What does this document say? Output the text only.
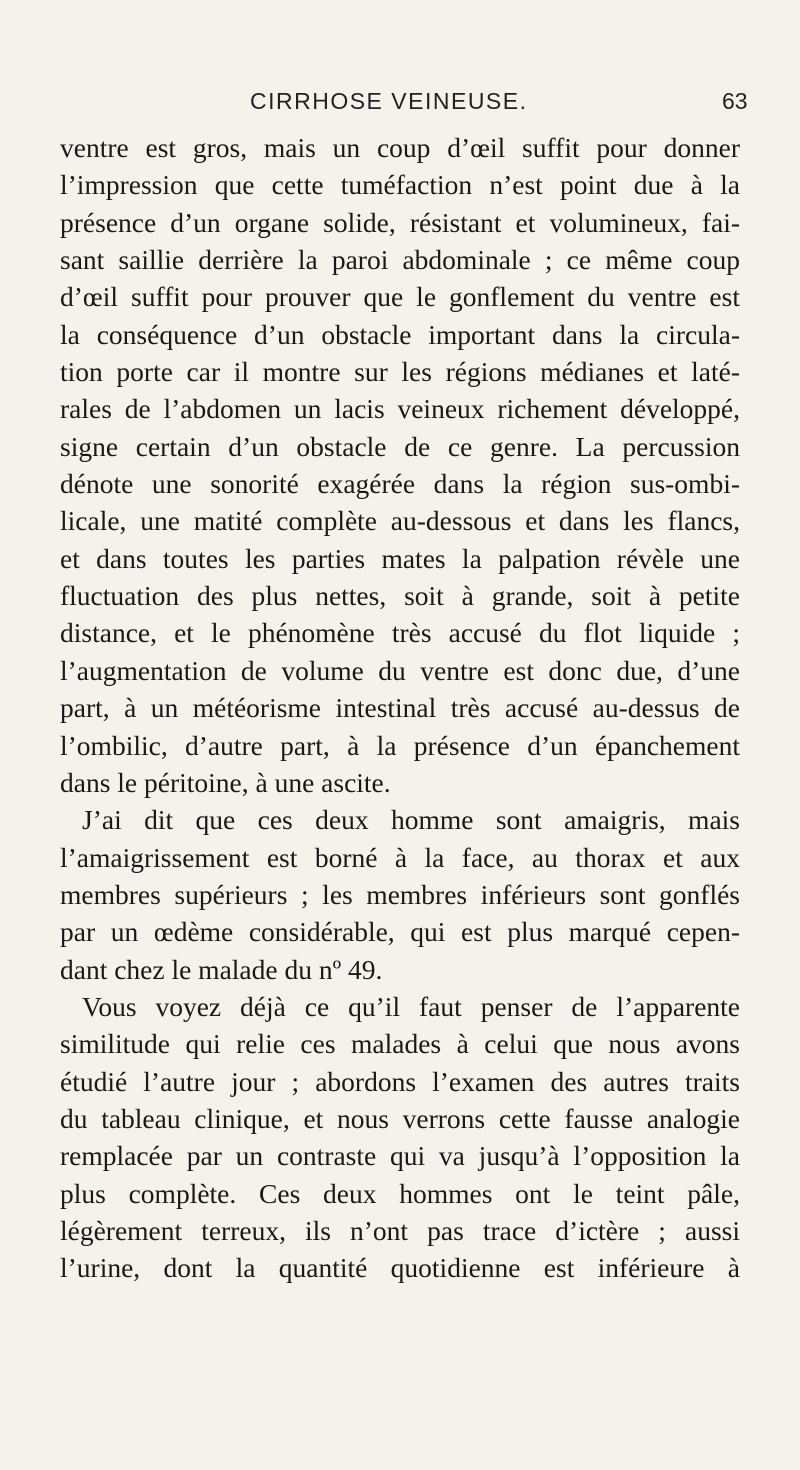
CIRRHOSE VEINEUSE.	63
ventre est gros, mais un coup d’œil suffit pour donner
l’impression que cette tuméfaction n’est point due à la
présence d’un organe solide, résistant et volumineux, fai-
sant saillie derrière la paroi abdominale ; ce même coup
d’œil suffit pour prouver que le gonflement du ventre est
la conséquence d’un obstacle important dans la circula-
tion porte car il montre sur les régions médianes et laté-
rales de l’abdomen un lacis veineux richement développé,
signe certain d’un obstacle de ce genre. La percussion
dénote une sonorité exagérée dans la région sus-ombi-
licale, une matité complète au-dessous et dans les flancs,
et dans toutes les parties mates la palpation révèle une
fluctuation des plus nettes, soit à grande, soit à petite
distance, et le phénomène très accusé du flot liquide ;
l’augmentation de volume du ventre est donc due, d’une
part, à un météorisme intestinal très accusé au-dessus de
l’ombilic, d’autre part, à la présence d’un épanchement
dans le péritoine, à une ascite.
J’ai dit que ces deux homme sont amaigris, mais
l’amaigrissement est borné à la face, au thorax et aux
membres supérieurs ; les membres inférieurs sont gonflés
par un œdème considérable, qui est plus marqué cepen-
dant chez le malade du nº 49.
Vous voyez déjà ce qu’il faut penser de l’apparente
similitude qui relie ces malades à celui que nous avons
étudié l’autre jour ; abordons l’examen des autres traits
du tableau clinique, et nous verrons cette fausse analogie
remplacée par un contraste qui va jusqu’à l’opposition la
plus complète. Ces deux hommes ont le teint pâle,
légèrement terreux, ils n’ont pas trace d’ictère ; aussi
l’urine, dont la quantité quotidienne est inférieure à
